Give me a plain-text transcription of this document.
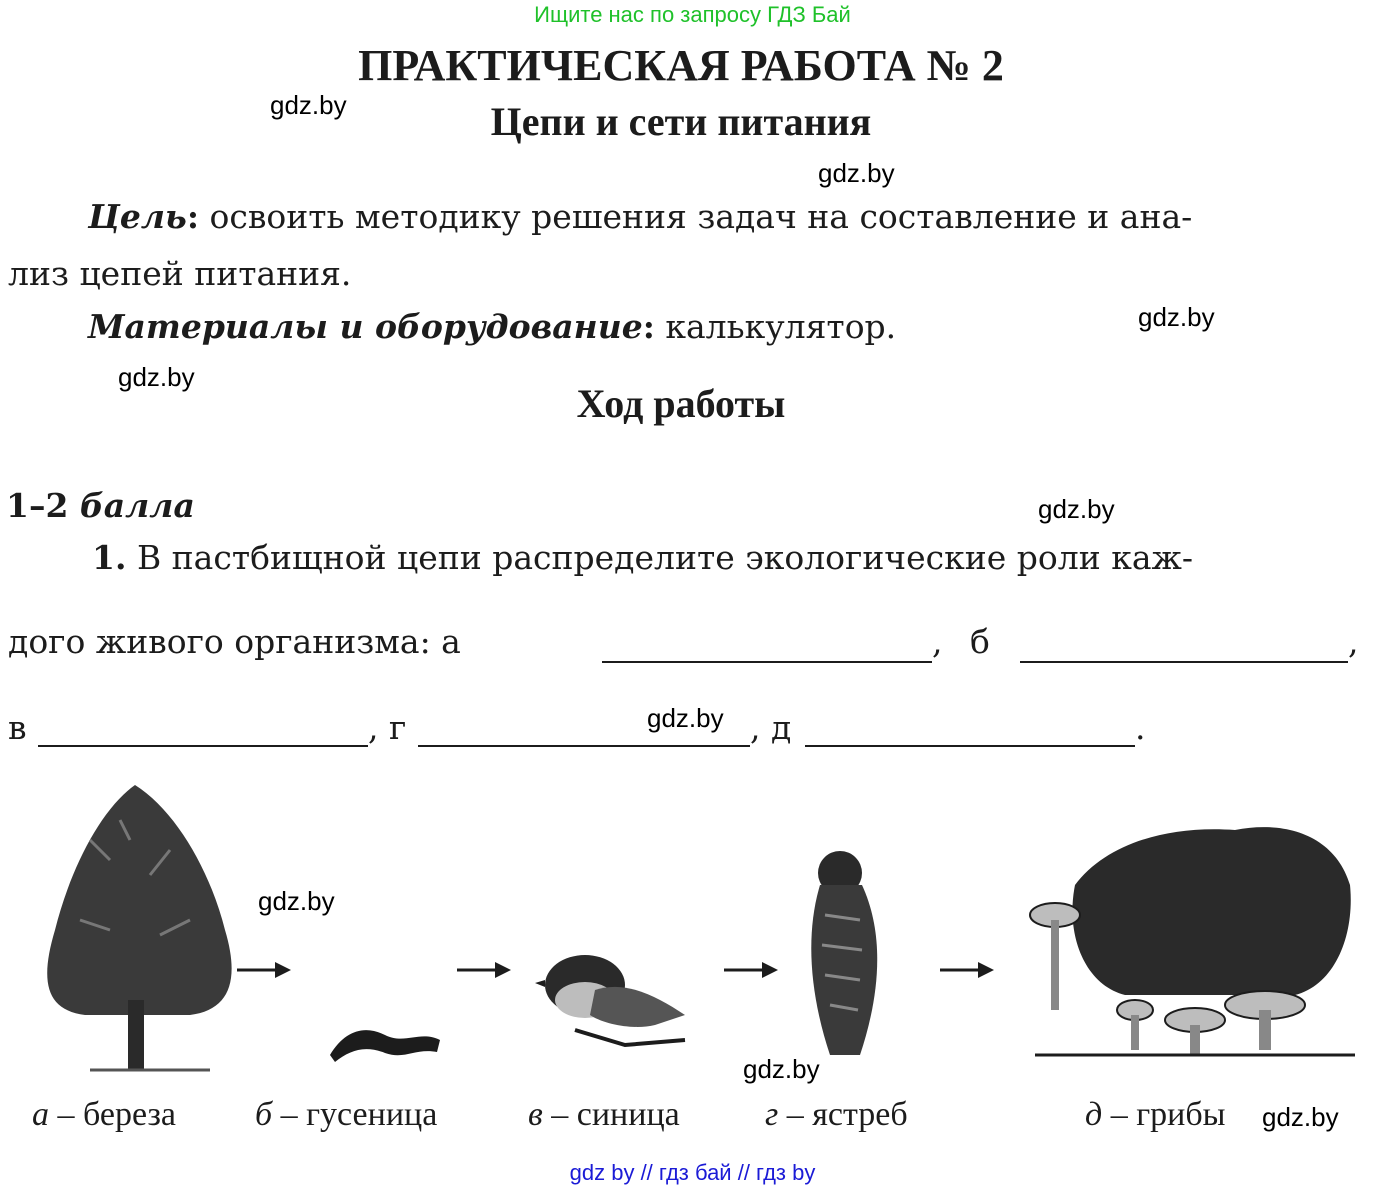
Ищите нас по запросу ГДЗ Бай
ПРАКТИЧЕСКАЯ РАБОТА № 2
Цепи и сети питания
Цель: освоить методику решения задач на составление и ана-
лиз цепей питания.
Материалы и оборудование: калькулятор.
Ход работы
1–2 балла
1. В пастбищной цепи распределите экологические роли каж-
дого живого организма: а	, б	,
в	, г	, д	.
а – береза б – гусеница	в – синица	г – ястреб	д – грибы
gdz.by
gdz.by
gdz.by
gdz.by
gdz.by
gdz.by
gdz.by
gdz.by
gdz.by
gdz by // гдз бай // гдз by
